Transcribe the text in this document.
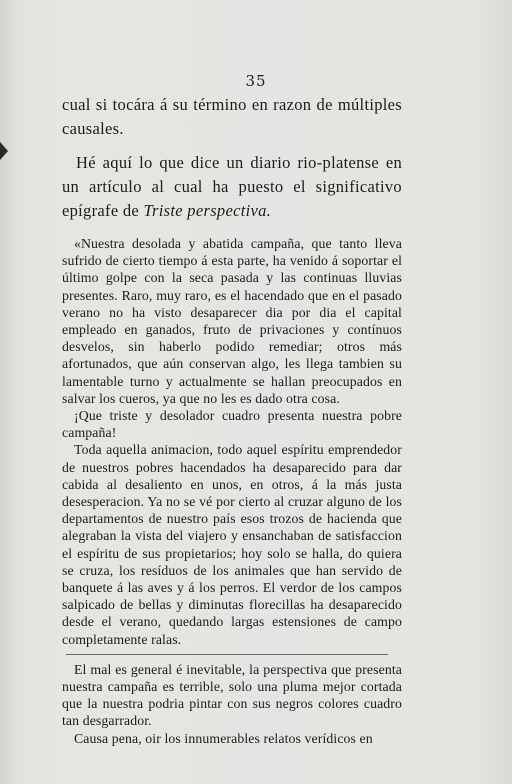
35

cual si tocára á su término en razon de múltiples causales.

Hé aquí lo que dice un diario rio-platense en un artículo al cual ha puesto el significativo epígrafe de Triste perspectiva.

«Nuestra desolada y abatida campaña, que tanto lleva sufrido de cierto tiempo á esta parte, ha venido á soportar el último golpe con la seca pasada y las continuas lluvias presentes. Raro, muy raro, es el hacendado que en el pasado verano no ha visto desaparecer dia por dia el capital empleado en ganados, fruto de privaciones y contínuos desvelos, sin haberlo podido remediar; otros más afortunados, que aún conservan algo, les llega tambien su lamentable turno y actualmente se hallan preocupados en salvar los cueros, ya que no les es dado otra cosa.

¡Que triste y desolador cuadro presenta nuestra pobre campaña!

Toda aquella animacion, todo aquel espíritu emprendedor de nuestros pobres hacendados ha desaparecido para dar cabida al desaliento en unos, en otros, á la más justa desesperacion. Ya no se vé por cierto al cruzar alguno de los departamentos de nuestro país esos trozos de hacienda que alegraban la vista del viajero y ensanchaban de satisfaccion el espíritu de sus propietarios; hoy solo se halla, do quiera se cruza, los resíduos de los animales que han servido de banquete á las aves y á los perros. El verdor de los campos salpicado de bellas y diminutas florecillas ha desaparecido desde el verano, quedando largas estensiones de campo completamente ralas.

El mal es general é inevitable, la perspectiva que presenta nuestra campaña es terrible, solo una pluma mejor cortada que la nuestra podria pintar con sus negros colores cuadro tan desgarrador.

Causa pena, oir los innumerables relatos verídicos en
